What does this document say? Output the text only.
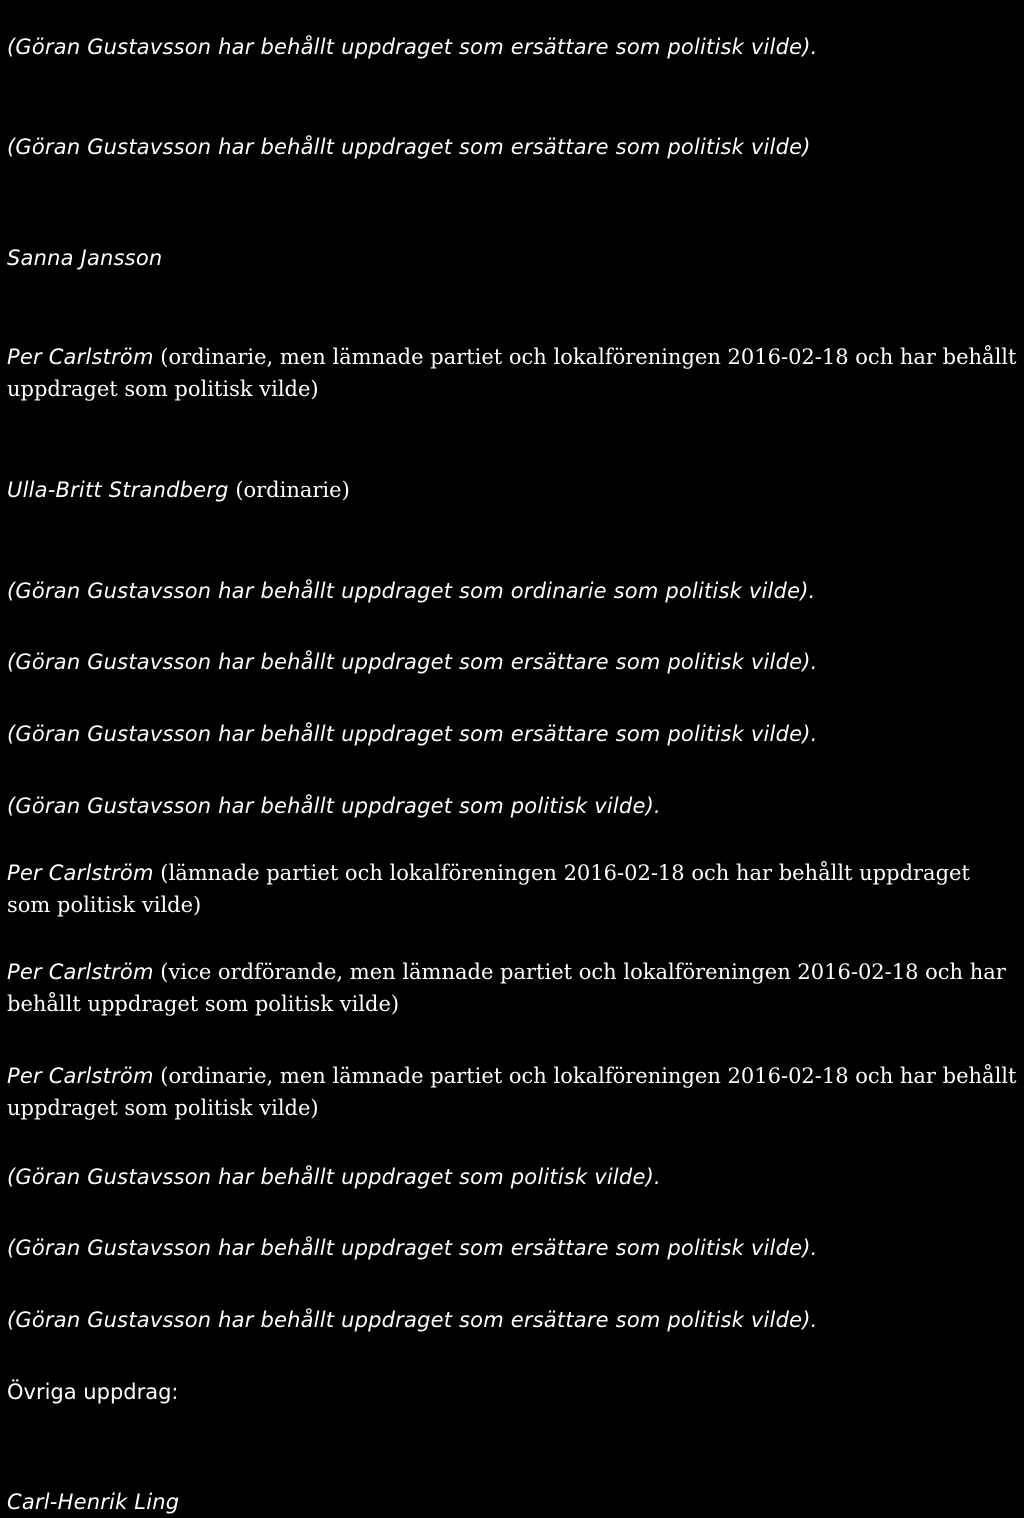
(Göran Gustavsson har behållt uppdraget som ersättare som politisk vilde).
(Göran Gustavsson har behållt uppdraget som ersättare som politisk vilde)
Sanna Jansson
Per Carlström (ordinarie, men lämnade partiet och lokalföreningen 2016-02-18 och har behållt uppdraget som politisk vilde)
Ulla-Britt Strandberg (ordinarie)
(Göran Gustavsson har behållt uppdraget som ordinarie som politisk vilde).
(Göran Gustavsson har behållt uppdraget som ersättare som politisk vilde).
(Göran Gustavsson har behållt uppdraget som ersättare som politisk vilde).
(Göran Gustavsson har behållt uppdraget som politisk vilde).
Per Carlström (lämnade partiet och lokalföreningen 2016-02-18 och har behållt uppdraget som politisk vilde)
Per Carlström (vice ordförande, men lämnade partiet och lokalföreningen 2016-02-18 och har behållt uppdraget som politisk vilde)
Per Carlström (ordinarie, men lämnade partiet och lokalföreningen 2016-02-18 och har behållt uppdraget som politisk vilde)
(Göran Gustavsson har behållt uppdraget som politisk vilde).
(Göran Gustavsson har behållt uppdraget som ersättare som politisk vilde).
(Göran Gustavsson har behållt uppdraget som ersättare som politisk vilde).
Övriga uppdrag:
Carl-Henrik Ling
